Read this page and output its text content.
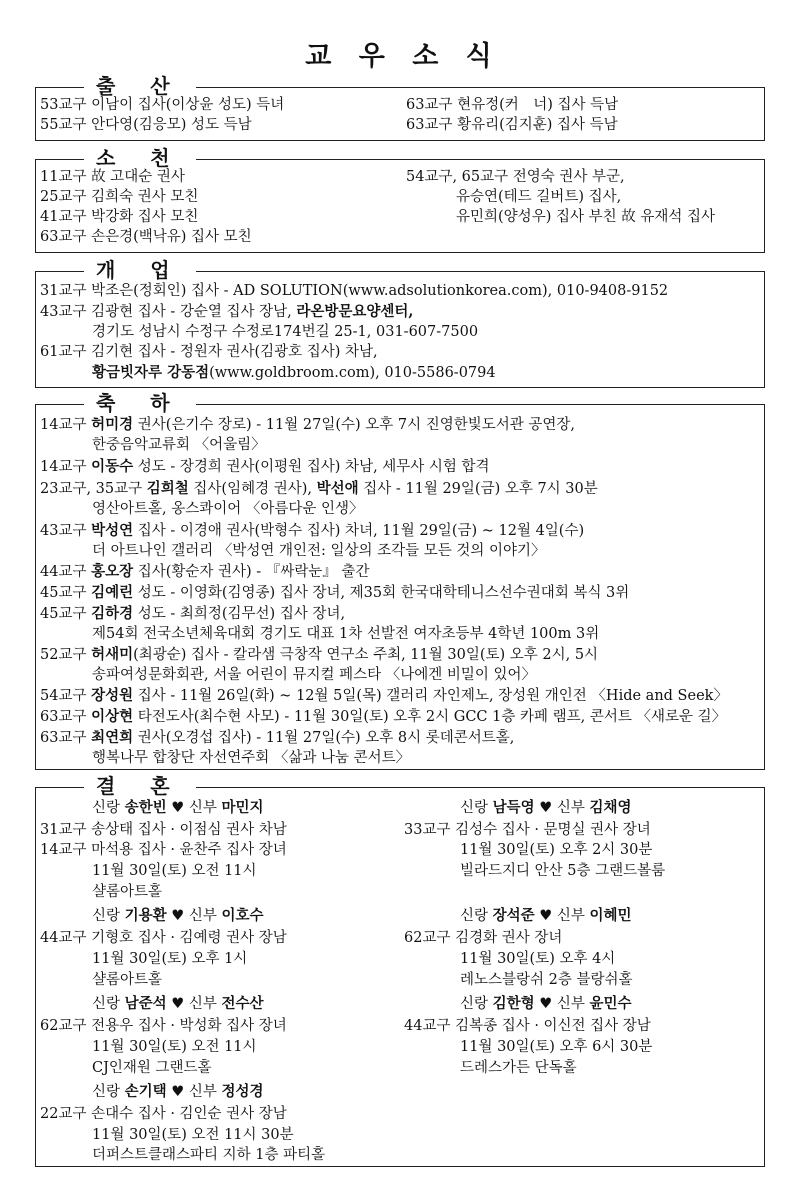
교 우 소 식
출 산
53교구 이남이 집사(이상윤 성도) 득녀
55교구 안다영(김응모) 성도 득남
63교구 현유정(커　너) 집사 득남
63교구 황유리(김지훈) 집사 득남
소 천
11교구 故 고대순 권사
25교구 김희숙 권사 모친
41교구 박강화 집사 모친
63교구 손은경(백낙유) 집사 모친
54교구, 65교구 전영숙 권사 부군,
유승연(테드 길버트) 집사,
유민희(양성우) 집사 부친 故 유재석 집사
개 업
31교구 박조은(정회인) 집사 - AD SOLUTION(www.adsolutionkorea.com), 010-9408-9152
43교구 김광현 집사 - 강순열 집사 장남, 라온방문요양센터,
경기도 성남시 수정구 수정로174번길 25-1, 031-607-7500
61교구 김기현 집사 - 정원자 권사(김광호 집사) 차남,
황금빗자루 강동점(www.goldbroom.com), 010-5586-0794
축 하
14교구 허미경 권사(은기수 장로) - 11월 27일(수) 오후 7시 진영한빛도서관 공연장,
한중음악교류회 〈어울림〉
14교구 이동수 성도 - 장경희 권사(이평원 집사) 차남, 세무사 시험 합격
23교구, 35교구 김희철 집사(임혜경 권사), 박선애 집사 - 11월 29일(금) 오후 7시 30분
영산아트홀, 옹스콰이어 〈아름다운 인생〉
43교구 박성연 집사 - 이경애 권사(박형수 집사) 차녀, 11월 29일(금) ~ 12월 4일(수)
더 아트나인 갤러리 〈박성연 개인전: 일상의 조각들 모든 것의 이야기〉
44교구 홍오장 집사(황순자 권사) - 『싸락눈』 출간
45교구 김예린 성도 - 이영화(김영종) 집사 장녀, 제35회 한국대학테니스선수권대회 복식 3위
45교구 김하경 성도 - 최희정(김무선) 집사 장녀,
제54회 전국소년체육대회 경기도 대표 1차 선발전 여자초등부 4학년 100m 3위
52교구 허새미(최광순) 집사 - 칼라샘 극창작 연구소 주최, 11월 30일(토) 오후 2시, 5시
송파여성문화회관, 서울 어린이 뮤지컬 페스타 〈나에겐 비밀이 있어〉
54교구 장성원 집사 - 11월 26일(화) ~ 12월 5일(목) 갤러리 자인제노, 장성원 개인전 〈Hide and Seek〉
63교구 이상현 타전도사(최수현 사모) - 11월 30일(토) 오후 2시 GCC 1층 카페 램프, 콘서트 〈새로운 길〉
63교구 최연희 권사(오경섭 집사) - 11월 27일(수) 오후 8시 롯데콘서트홀,
행복나무 합창단 자선연주회 〈삶과 나눔 콘서트〉
결 혼
신랑 송한빈 ♥ 신부 마민지
31교구 송상태 집사 · 이점심 권사 차남
14교구 마석용 집사 · 윤찬주 집사 장녀
11월 30일(토) 오전 11시
샬롬아트홀
신랑 남득영 ♥ 신부 김채영
33교구 김성수 집사 · 문명실 권사 장녀
11월 30일(토) 오후 2시 30분
빌라드지디 안산 5층 그랜드볼룸
신랑 기용환 ♥ 신부 이호수
44교구 기형호 집사 · 김예령 권사 장남
11월 30일(토) 오후 1시
샬롬아트홀
신랑 장석준 ♥ 신부 이혜민
62교구 김경화 권사 장녀
11월 30일(토) 오후 4시
레노스블랑쉬 2층 블랑쉬홀
신랑 남준석 ♥ 신부 전수산
62교구 전용우 집사 · 박성화 집사 장녀
11월 30일(토) 오전 11시
CJ인재원 그랜드홀
신랑 김한형 ♥ 신부 윤민수
44교구 김복종 집사 · 이신전 집사 장남
11월 30일(토) 오후 6시 30분
드레스가든 단독홀
신랑 손기택 ♥ 신부 정성경
22교구 손대수 집사 · 김인순 권사 장남
11월 30일(토) 오전 11시 30분
더퍼스트클래스파티 지하 1층 파티홀
